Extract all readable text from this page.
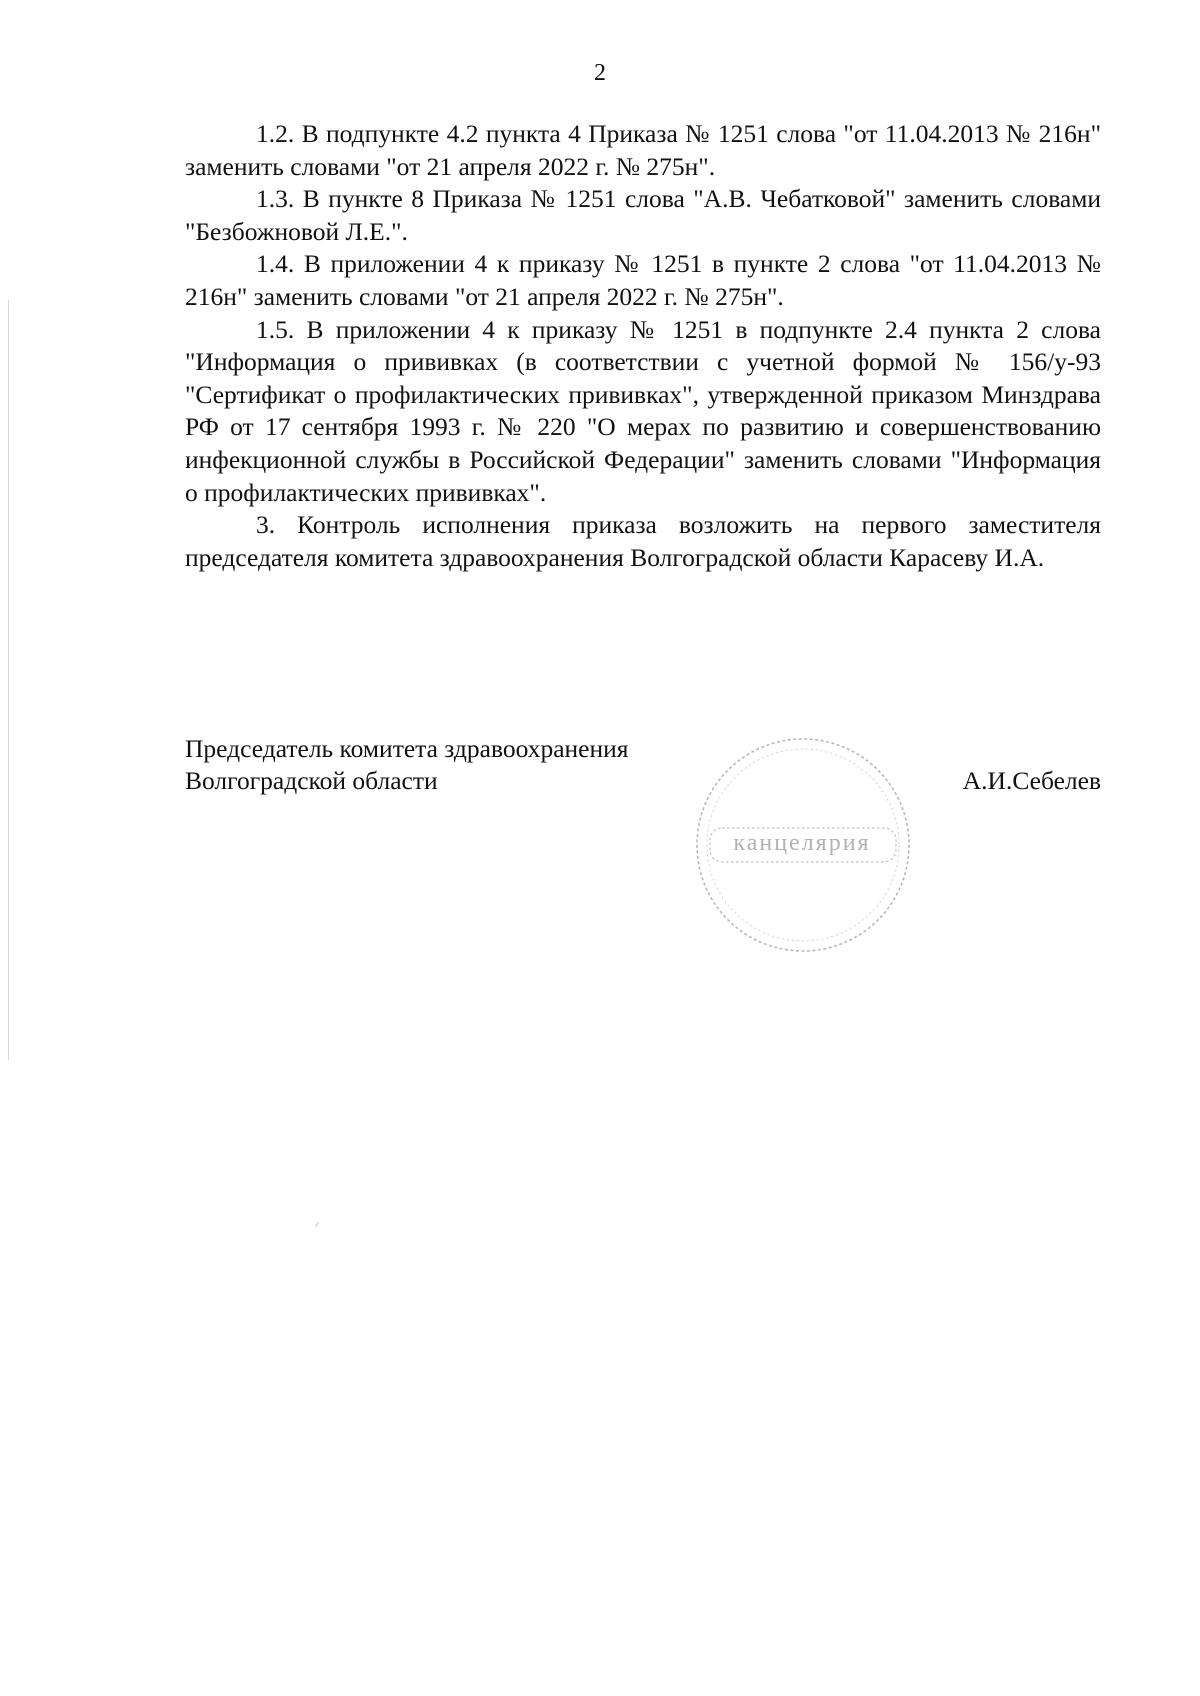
2

1.2. В подпункте 4.2 пункта 4 Приказа № 1251 слова "от 11.04.2013 № 216н" заменить словами "от 21 апреля 2022 г. № 275н".

1.3. В пункте 8 Приказа № 1251 слова "А.В. Чебатковой" заменить словами "Безбожновой Л.Е.".

1.4. В приложении 4 к приказу № 1251 в пункте 2 слова "от 11.04.2013 № 216н" заменить словами "от 21 апреля 2022 г. № 275н".

1.5. В приложении 4 к приказу № 1251 в подпункте 2.4 пункта 2 слова "Информация о прививках (в соответствии с учетной формой № 156/у-93 "Сертификат о профилактических прививках", утвержденной приказом Минздрава РФ от 17 сентября 1993 г. № 220 "О мерах по развитию и совершенствованию инфекционной службы в Российской Федерации" заменить словами "Информация о профилактических прививках".

3. Контроль исполнения приказа возложить на первого заместителя председателя комитета здравоохранения Волгоградской области Карасеву И.А.

Председатель комитета здравоохранения
Волгоградской области	А.И.Себелев
канцелярия
